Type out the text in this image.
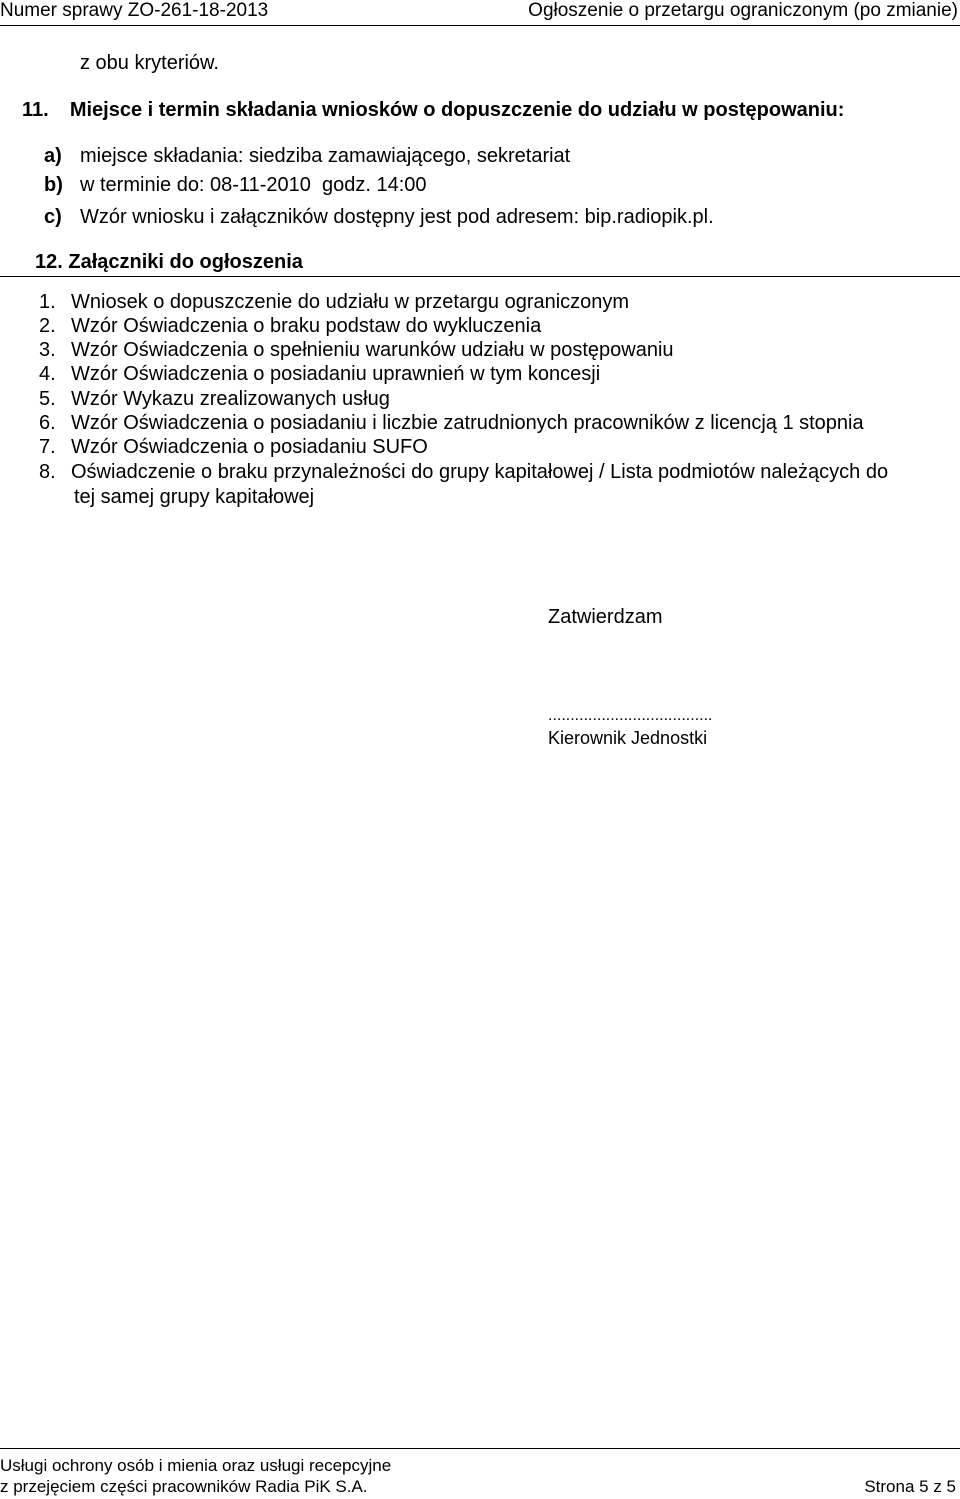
Numer sprawy ZO-261-18-2013	Ogłoszenie o przetargu ograniczonym (po zmianie)
z obu kryteriów.
11. Miejsce i termin składania wniosków o dopuszczenie do udziału w postępowaniu:
a) miejsce składania: siedziba zamawiającego, sekretariat
b) w terminie do: 08-11-2010  godz. 14:00
c) Wzór wniosku i załączników dostępny jest pod adresem: bip.radiopik.pl.
12. Załączniki do ogłoszenia
1. Wniosek o dopuszczenie do udziału w przetargu ograniczonym
2. Wzór Oświadczenia o braku podstaw do wykluczenia
3. Wzór Oświadczenia o spełnieniu warunków udziału w postępowaniu
4. Wzór Oświadczenia o posiadaniu uprawnień w tym koncesji
5. Wzór Wykazu zrealizowanych usług
6. Wzór Oświadczenia o posiadaniu i liczbie zatrudnionych pracowników z licencją 1 stopnia
7. Wzór Oświadczenia o posiadaniu SUFO
8. Oświadczenie o braku przynależności do grupy kapitałowej / Lista podmiotów należących do
tej samej grupy kapitałowej
Zatwierdzam
.....................................
Kierownik Jednostki
Usługi ochrony osób i mienia oraz usługi recepcyjne
z przejęciem części pracowników Radia PiK S.A.	Strona 5 z 5
